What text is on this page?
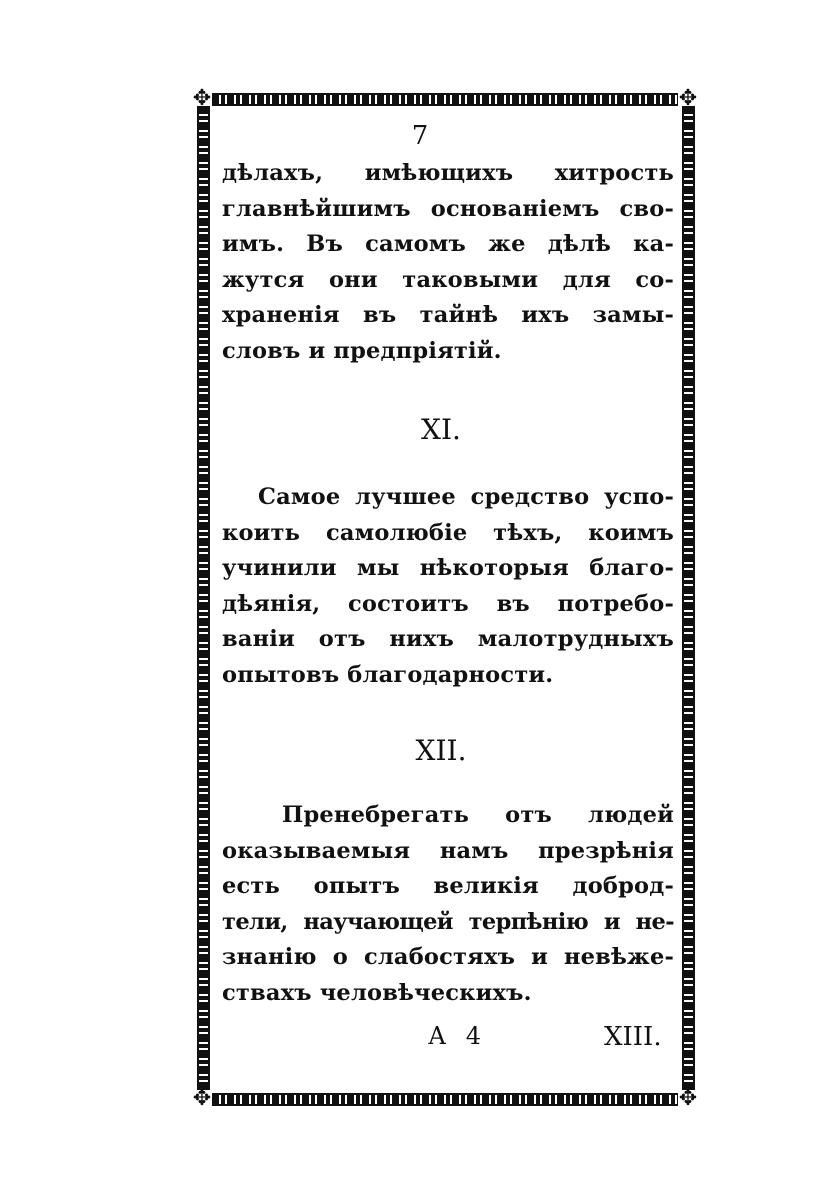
✥	✥
✥	✥
7
дѣлахъ, имѣющихъ хитрость
главнѣйшимъ основаніемъ сво-
имъ. Въ самомъ же дѣлѣ ка-
жутся они таковыми для со-
храненія въ тайнѣ ихъ замы-
словъ и предпріятій.
XI.
Самое лучшее средство успо-
коить самолюбіе тѣхъ, коимъ
учинили мы нѣкоторыя благо-
дѣянія, состоитъ въ потребо-
ваніи отъ нихъ малотрудныхъ
опытовъ благодарности.
XII.
Пренебрегать отъ людей
оказываемыя намъ презрѣнія
есть опытъ великія доброд-
тели, научающей терпѣнію и не-
знанію о слабостяхъ и невѣже-
ствахъ человѣческихъ.
А 4	XIII.
